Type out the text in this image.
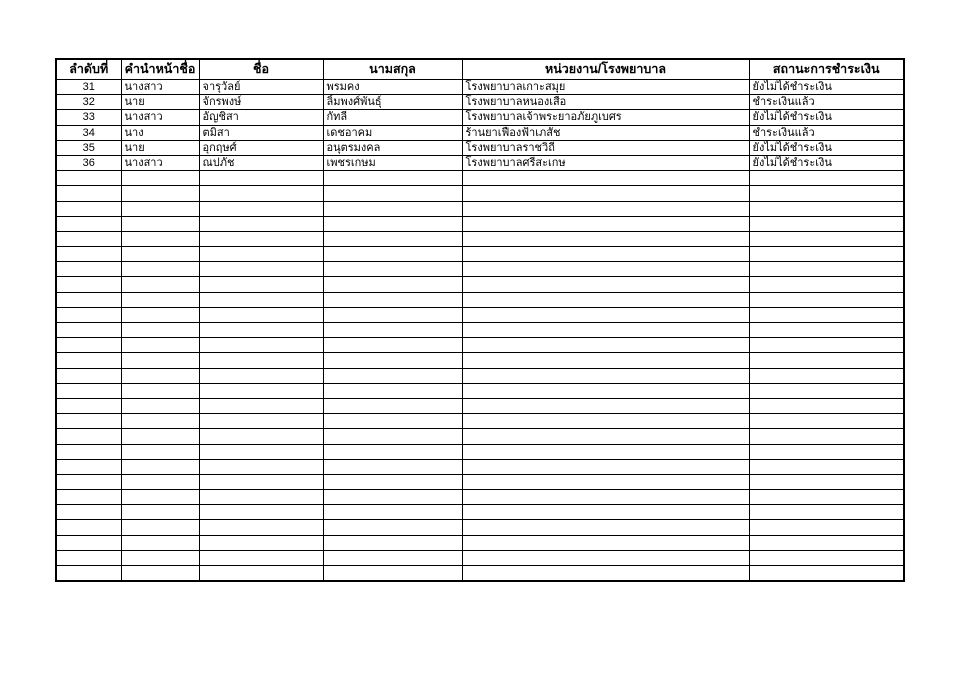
ลำดับที่	คำนำหน้าชื่อ	ชื่อ	นามสกุล	หน่วยงาน/โรงพยาบาล	สถานะการชำระเงิน
31	นางสาว	จารุวัลย์	พรมคง	โรงพยาบาลเกาะสมุย	ยังไม่ได้ชำระเงิน
32	นาย	จักรพงษ์	ลิ้มพงศ์พันธุ์	โรงพยาบาลหนองเสือ	ชำระเงินแล้ว
33	นางสาว	อัญชิสา	กัทลี	โรงพยาบาลเจ้าพระยาอภัยภูเบศร	ยังไม่ได้ชำระเงิน
34	นาง	ตมิสา	เดชอาคม	ร้านยาเฟื่องฟ้าเภสัช	ชำระเงินแล้ว
35	นาย	อุกฤษศ์	อนุตรมงคล	โรงพยาบาลราชวิถี	ยังไม่ได้ชำระเงิน
36	นางสาว	ณปภัช	เพชรเกษม	โรงพยาบาลศรีสะเกษ	ยังไม่ได้ชำระเงิน
